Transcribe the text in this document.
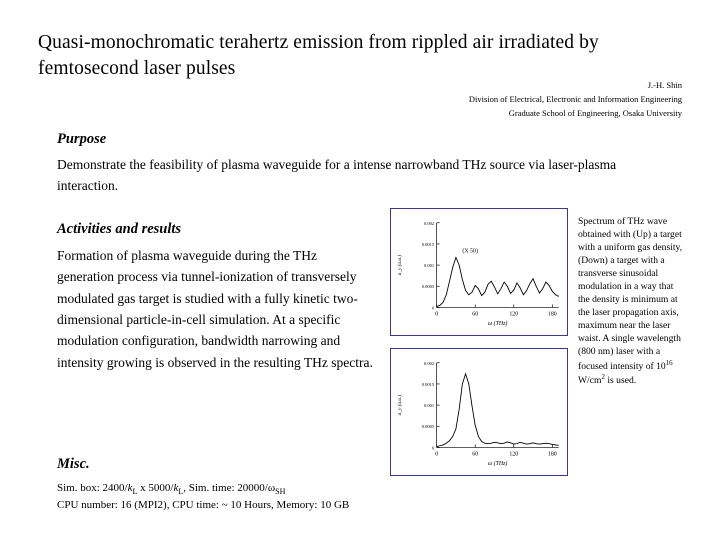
Quasi-monochromatic terahertz emission from rippled air irradiated by femtosecond laser pulses
J.-H. Shin
Division of Electrical, Electronic and Information Engineering
Graduate School of Engineering, Osaka University
Purpose
Demonstrate the feasibility of plasma waveguide for a intense narrowband THz source via laser-plasma interaction.
Activities and results
Formation of plasma waveguide during the THz generation process via tunnel-ionization of transversely modulated gas target is studied with a fully kinetic two-dimensional particle-in-cell simulation. At a specific modulation configuration, bandwidth narrowing and intensity growing is observed in the resulting THz spectra.
Misc.
Sim. box: $2400/k_L$ x $5000/k_L$, Sim. time: $20000/\omega_{SH}$
CPU number: 16 (MPI2), CPU time: ~ 10 Hours, Memory: 10 GB
Spectrum of THz wave obtained with (Up) a target with a uniform gas density, (Down) a target with a transverse sinusoidal modulation in a way that the density is minimum at the laser propagation axis, maximum near the laser waist. A single wavelength (800 nm) laser with a focused intensity of $10^{16}$ $W/cm^2$ is used.
0	60	120	180
0
0.0005
0.001
0.0015
0.002
ω (THz)
a_y (a.u.)
(X 50)
0	60	120	180
0
0.0005
0.001
0.0015
0.002
ω (THz)
a_y (a.u.)
